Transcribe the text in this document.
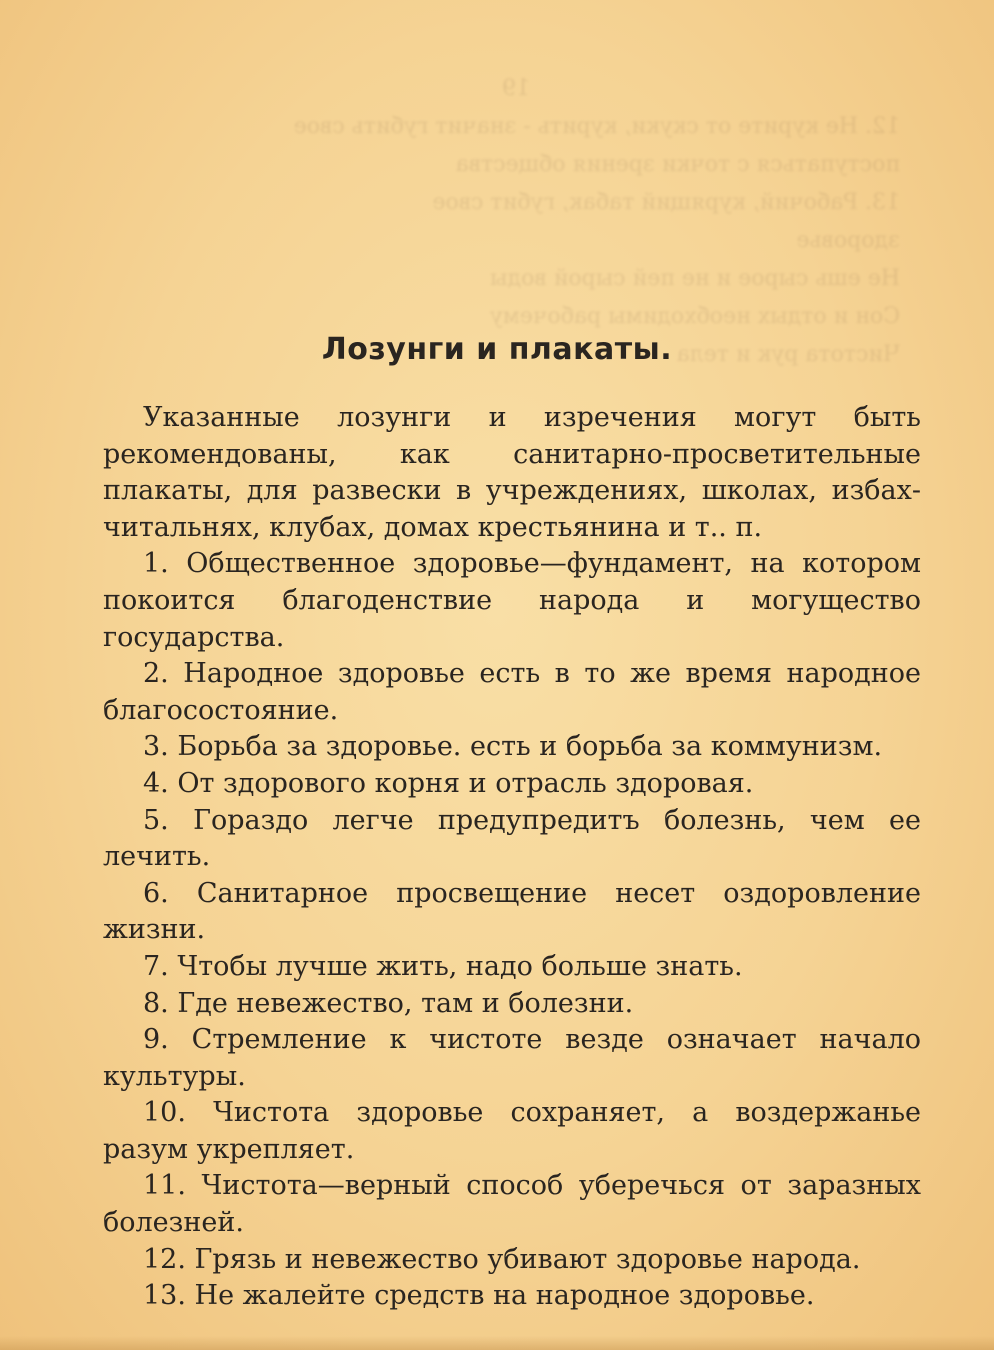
19
12. Не курите от скуки, курить - значит губить свое
поступаться с точки зрения общества
13. Рабочий, курящий табак, губит свое
здоровье
Не ешь сырое и не пей сырой воды
Сон и отдых необходимы рабочему
Чистота рук и тела
Лозунги и плакаты.

Указанные лозунги и изречения могут быть рекомендованы, как санитарно-просветительные плакаты, для развески в учреждениях, школах, избах-читальнях, клубах, домах крестьянина и т.. п.

1. Общественное здоровье—фундамент, на котором покоится благоденствие народа и могущество государства.

2. Народное здоровье есть в то же время народное благосостояние.

3. Борьба за здоровье. есть и борьба за коммунизм.

4. От здорового корня и отрасль здоровая.

5. Гораздо легче предупредитъ болезнь, чем ее лечить.

6. Санитарное просвещение несет оздоровление жизни.

7. Чтобы лучше жить, надо больше знать.

8. Где невежество, там и болезни.

9. Стремление к чистоте везде означает начало культуры.

10. Чистота здоровье сохраняет, а воздержанье разум укрепляет.

11. Чистота—верный способ уберечься от заразных болезней.

12. Грязь и невежество убивают здоровье народа.

13. Не жалейте средств на народное здоровье.
